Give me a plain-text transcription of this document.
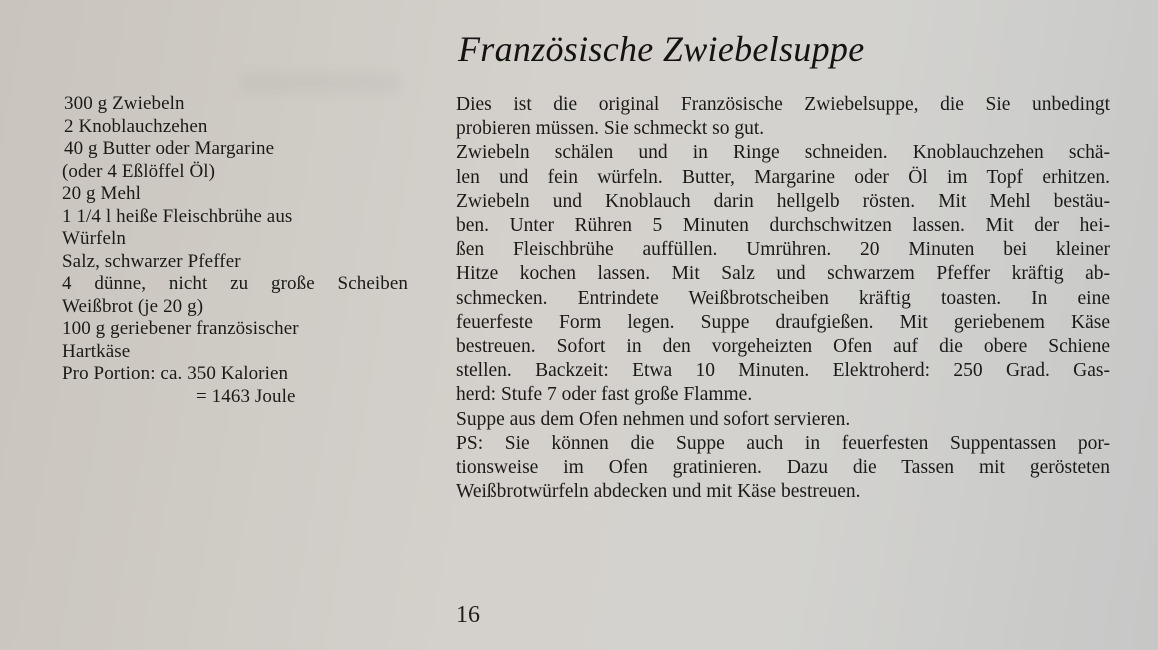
Französische Zwiebelsuppe
300 g Zwiebeln
2 Knoblauchzehen
40 g Butter oder Margarine
(oder 4 Eßlöffel Öl)
20 g Mehl
1 1/4 l heiße Fleischbrühe aus
Würfeln
Salz, schwarzer Pfeffer
4 dünne, nicht zu große Scheiben
Weißbrot (je 20 g)
100 g geriebener französischer
Hartkäse
Pro Portion: ca. 350 Kalorien
= 1463 Joule
Dies ist die original Französische Zwiebelsuppe, die Sie unbedingt
probieren müssen. Sie schmeckt so gut.
Zwiebeln schälen und in Ringe schneiden. Knoblauchzehen schä-
len und fein würfeln. Butter, Margarine oder Öl im Topf erhitzen.
Zwiebeln und Knoblauch darin hellgelb rösten. Mit Mehl bestäu-
ben. Unter Rühren 5 Minuten durchschwitzen lassen. Mit der hei-
ßen Fleischbrühe auffüllen. Umrühren. 20 Minuten bei kleiner
Hitze kochen lassen. Mit Salz und schwarzem Pfeffer kräftig ab-
schmecken. Entrindete Weißbrotscheiben kräftig toasten. In eine
feuerfeste Form legen. Suppe draufgießen. Mit geriebenem Käse
bestreuen. Sofort in den vorgeheizten Ofen auf die obere Schiene
stellen. Backzeit: Etwa 10 Minuten. Elektroherd: 250 Grad. Gas-
herd: Stufe 7 oder fast große Flamme.
Suppe aus dem Ofen nehmen und sofort servieren.
PS: Sie können die Suppe auch in feuerfesten Suppentassen por-
tionsweise im Ofen gratinieren. Dazu die Tassen mit gerösteten
Weißbrotwürfeln abdecken und mit Käse bestreuen.
16
